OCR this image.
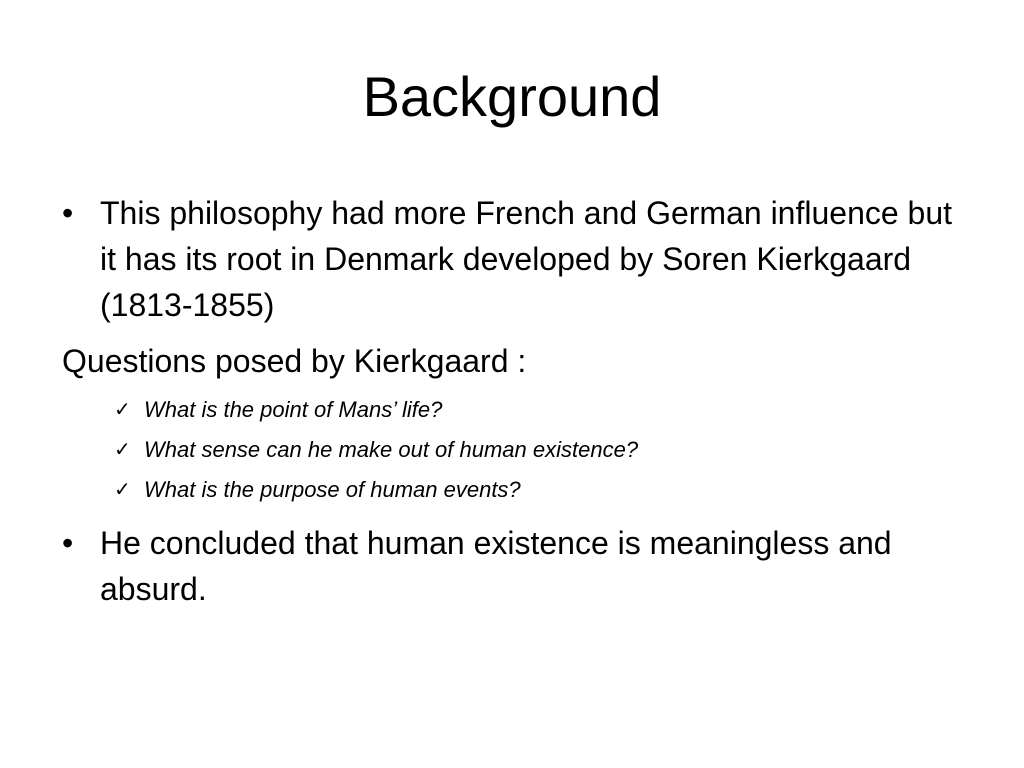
Background

• This philosophy had more French and German influence but it has its root in Denmark developed by Soren Kierkgaard (1813-1855)

Questions posed by Kierkgaard :

✓ What is the point of Mans’ life?
✓ What sense can he make out of human existence?
✓ What is the purpose of human events?

• He concluded that human existence is meaningless and absurd.
